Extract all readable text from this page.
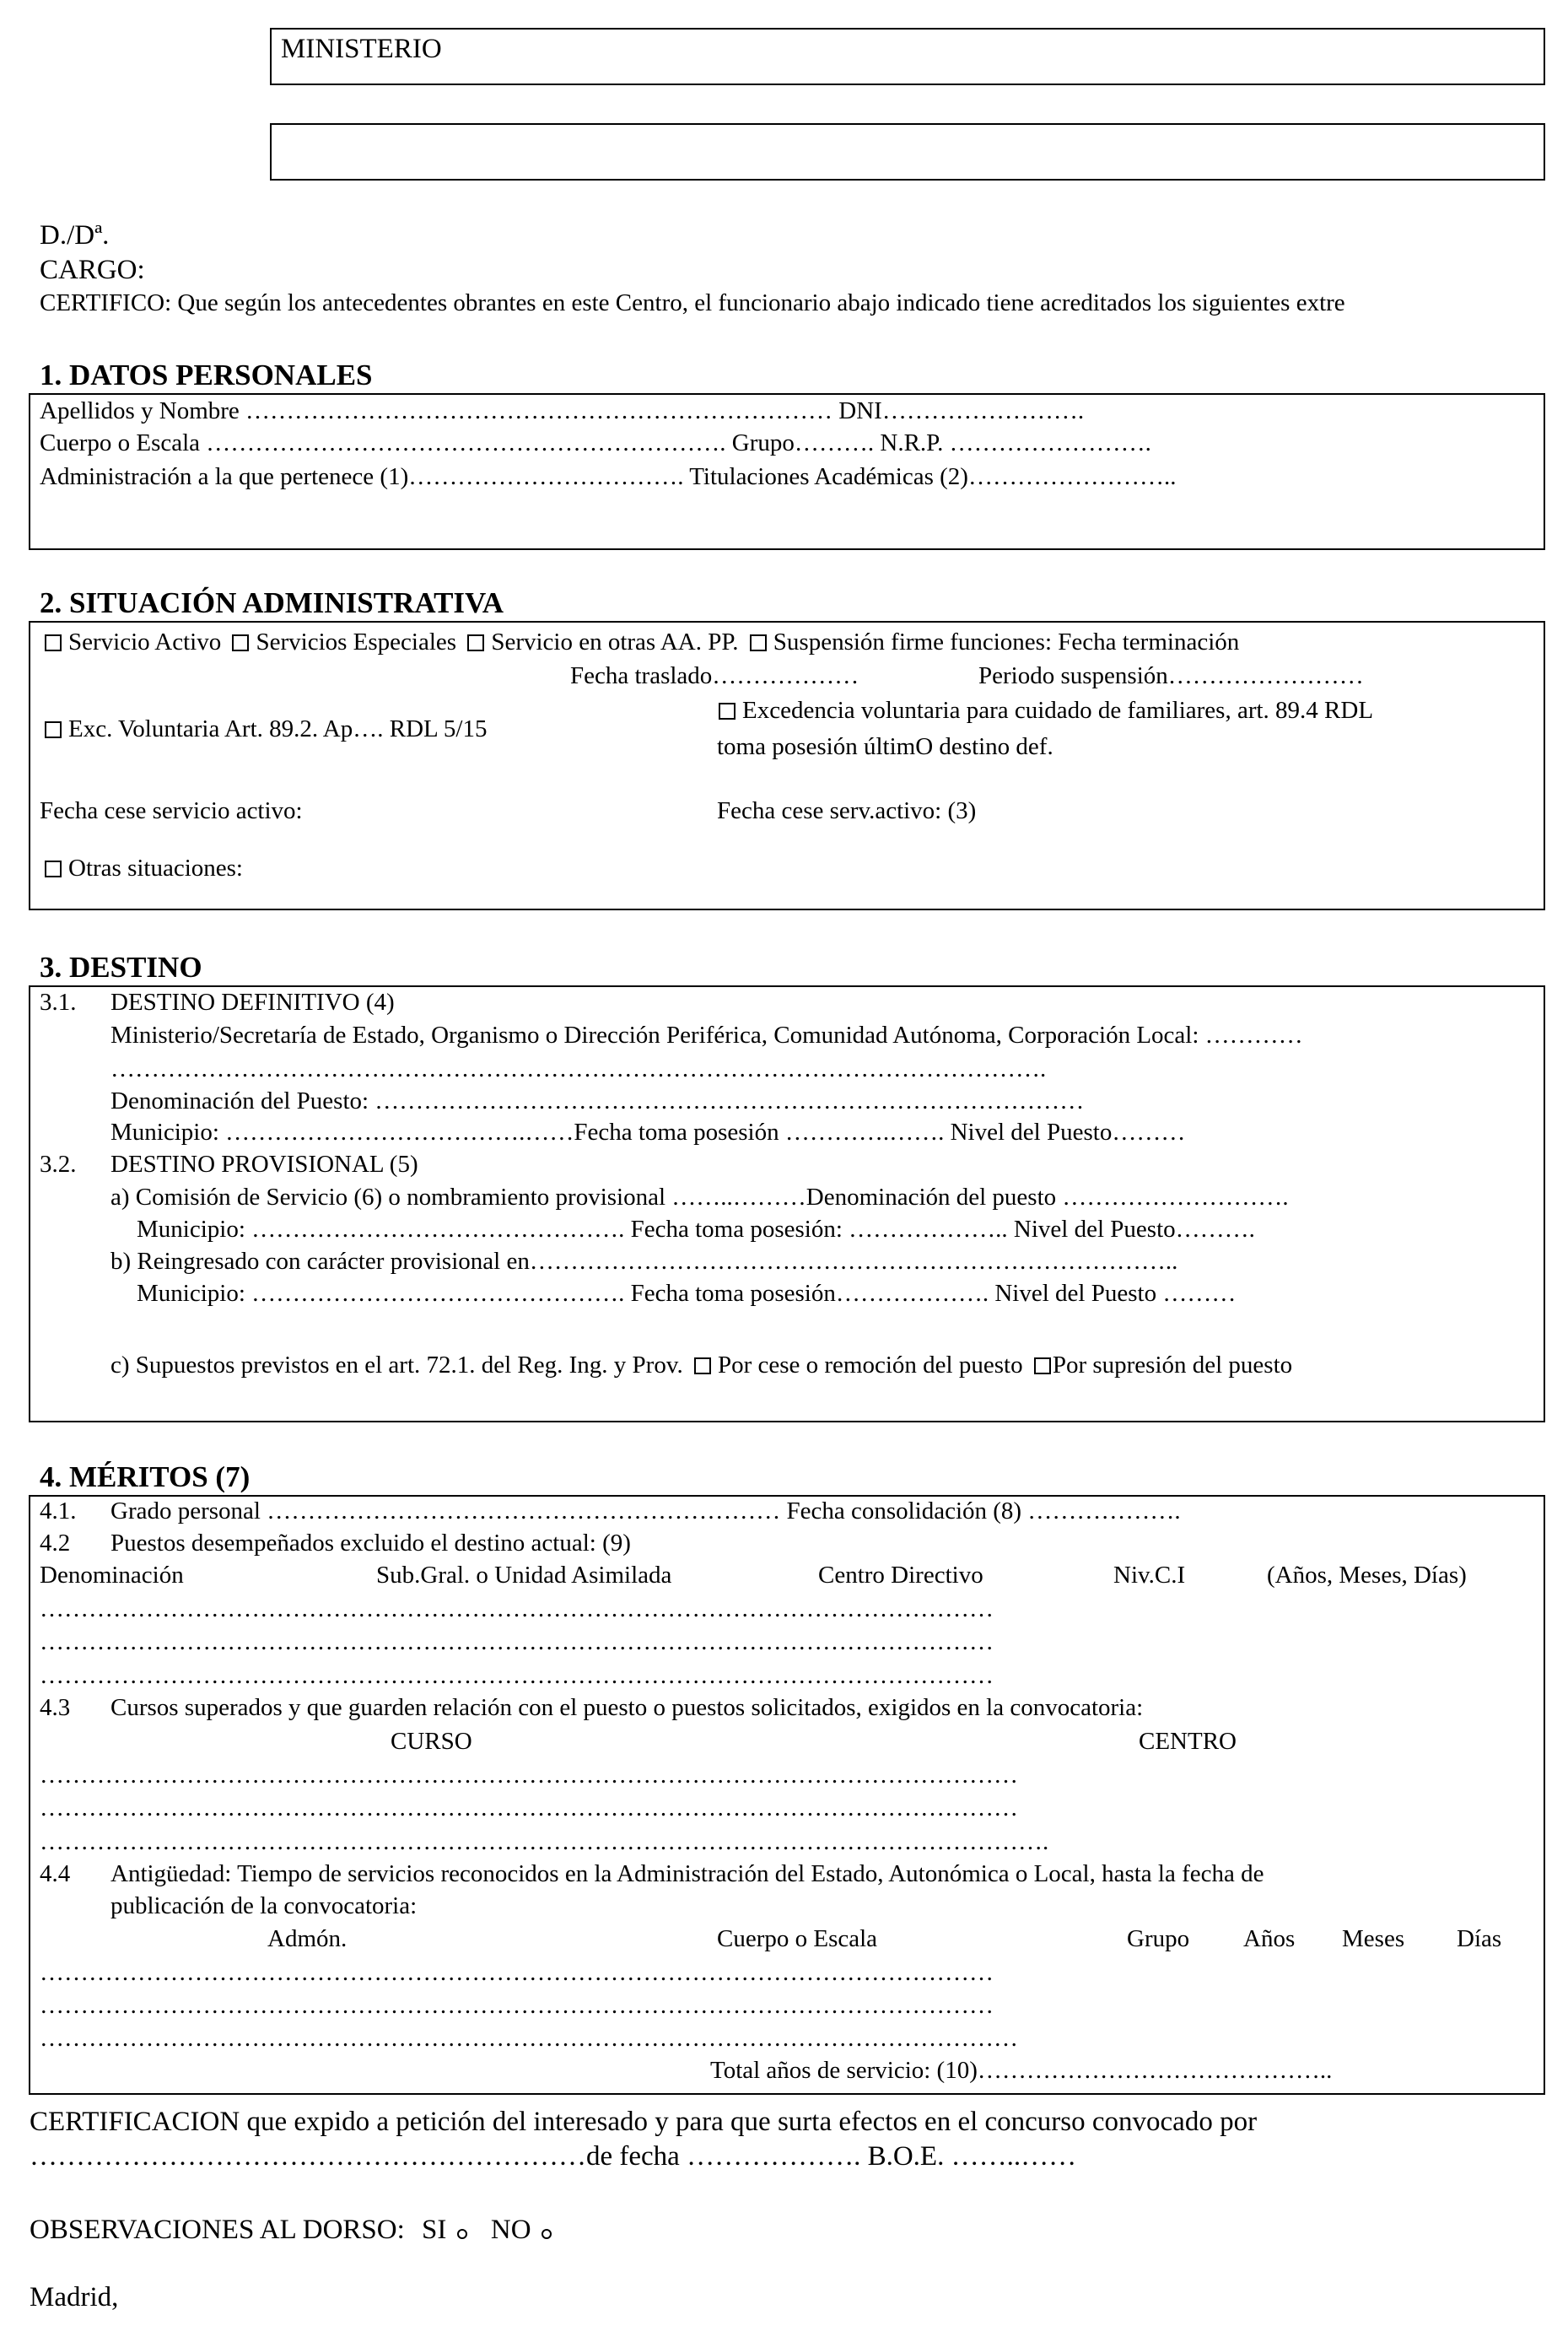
MINISTERIO
D./Dª.
CARGO:
CERTIFICO: Que según los antecedentes obrantes en este Centro, el funcionario abajo indicado tiene acreditados los siguientes extre
1. DATOS PERSONALES
Apellidos y Nombre ……………………………………………………………… DNI…………………….
Cuerpo o Escala ………………………………………………………. Grupo………. N.R.P. …………………….
Administración a la que pertenece (1)……………………………. Titulaciones Académicas (2)……………………..
2. SITUACIÓN ADMINISTRATIVA
Servicio Activo Servicios Especiales Servicio en otras AA. PP. Suspensión firme funciones: Fecha terminación
Fecha traslado………………	Periodo suspensión……………………
Exc. Voluntaria Art. 89.2. Ap…. RDL 5/15
Excedencia voluntaria para cuidado de familiares, art. 89.4 RDL
toma posesión últimO destino def.
Fecha cese servicio activo:	Fecha cese serv.activo: (3)
Otras situaciones:
3. DESTINO
3.1. DESTINO DEFINITIVO (4)
Ministerio/Secretaría de Estado, Organismo o Dirección Periférica, Comunidad Autónoma, Corporación Local: …………
…………………………………………………………………………………………………….
Denominación del Puesto: ……………………………………………………………………………
Municipio: ……………………………….……Fecha toma posesión ………….……. Nivel del Puesto………
3.2. DESTINO PROVISIONAL (5)
a) Comisión de Servicio (6) o nombramiento provisional ……..………Denominación del puesto ……………………….
Municipio: ………………………………………. Fecha toma posesión: ……………….. Nivel del Puesto……….
b) Reingresado con carácter provisional en……………………………………………………………………..
Municipio: ………………………………………. Fecha toma posesión………………. Nivel del Puesto ………
c) Supuestos previstos en el art. 72.1. del Reg. Ing. y Prov. Por cese o remoción del puesto Por supresión del puesto
4. MÉRITOS (7)
4.1. Grado personal ……………………………………………………… Fecha consolidación (8) ……………….
4.2 Puestos desempeñados excluido el destino actual: (9)
Denominación	Sub.Gral. o Unidad Asimilada	Centro Directivo	Niv.C.I	(Años, Meses, Días)
………………………………………………………………………………………………………
………………………………………………………………………………………………………
………………………………………………………………………………………………………
4.3 Cursos superados y que guarden relación con el puesto o puestos solicitados, exigidos en la convocatoria:
CURSO	CENTRO
…………………………………………………………………………………………………………
…………………………………………………………………………………………………………
…………………………………………………………………………………………………………….
4.4 Antigüedad: Tiempo de servicios reconocidos en la Administración del Estado, Autonómica o Local, hasta la fecha de
publicación de la convocatoria:
Admón.	Cuerpo o Escala	Grupo Años Meses Días
………………………………………………………………………………………………………
………………………………………………………………………………………………………
…………………………………………………………………………………………………………
Total años de servicio: (10)……………………………………..
CERTIFICACION que expido a petición del interesado y para que surta efectos en el concurso convocado por
……………………………………………………de fecha ………………. B.O.E. ……..……
OBSERVACIONES AL DORSO: SI NO
Madrid,
